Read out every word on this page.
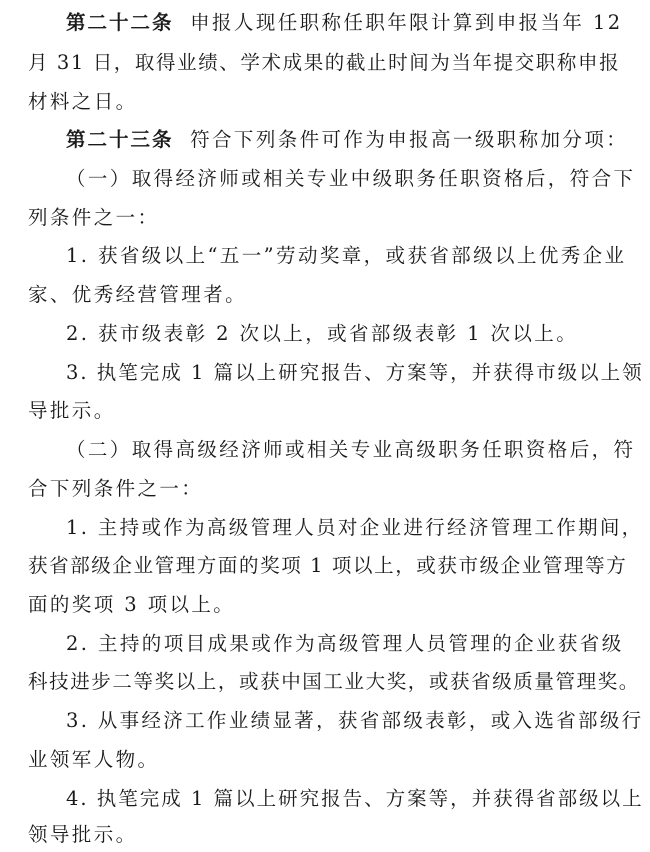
第二十二条 申报人现任职称任职年限计算到申报当年 12
月 31 日，取得业绩、学术成果的截止时间为当年提交职称申报
材料之日。
第二十三条 符合下列条件可作为申报高一级职称加分项：
（一）取得经济师或相关专业中级职务任职资格后，符合下
列条件之一：
1. 获省级以上“五一”劳动奖章，或获省部级以上优秀企业
家、优秀经营管理者。
2. 获市级表彰 2 次以上，或省部级表彰 1 次以上。
3. 执笔完成 1 篇以上研究报告、方案等，并获得市级以上领
导批示。
（二）取得高级经济师或相关专业高级职务任职资格后，符
合下列条件之一：
1. 主持或作为高级管理人员对企业进行经济管理工作期间，
获省部级企业管理方面的奖项 1 项以上，或获市级企业管理等方
面的奖项 3 项以上。
2. 主持的项目成果或作为高级管理人员管理的企业获省级
科技进步二等奖以上，或获中国工业大奖，或获省级质量管理奖。
3. 从事经济工作业绩显著，获省部级表彰，或入选省部级行
业领军人物。
4. 执笔完成 1 篇以上研究报告、方案等，并获得省部级以上
领导批示。
